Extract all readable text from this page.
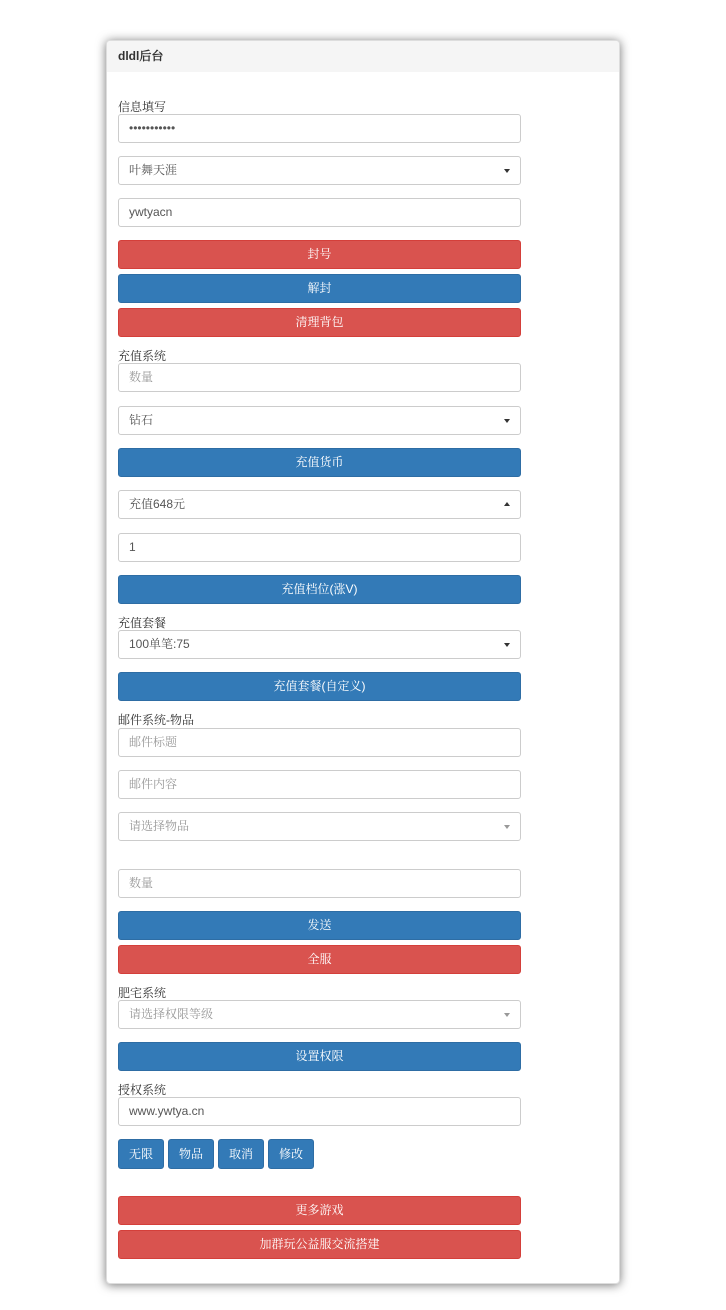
dldl后台
信息填写
•••••••••••
叶舞天涯
ywtyacn
封号
解封
清理背包
充值系统
数量
钻石
充值货币
充值648元
1
充值档位(涨V)
充值套餐
100单笔:75
充值套餐(自定义)
邮件系统-物品
邮件标题
邮件内容
请选择物品
数量
发送
全服
肥宅系统
请选择权限等级
设置权限
授权系统
www.ywtya.cn
无限	物品	取消	修改
更多游戏
加群玩公益服交流搭建
